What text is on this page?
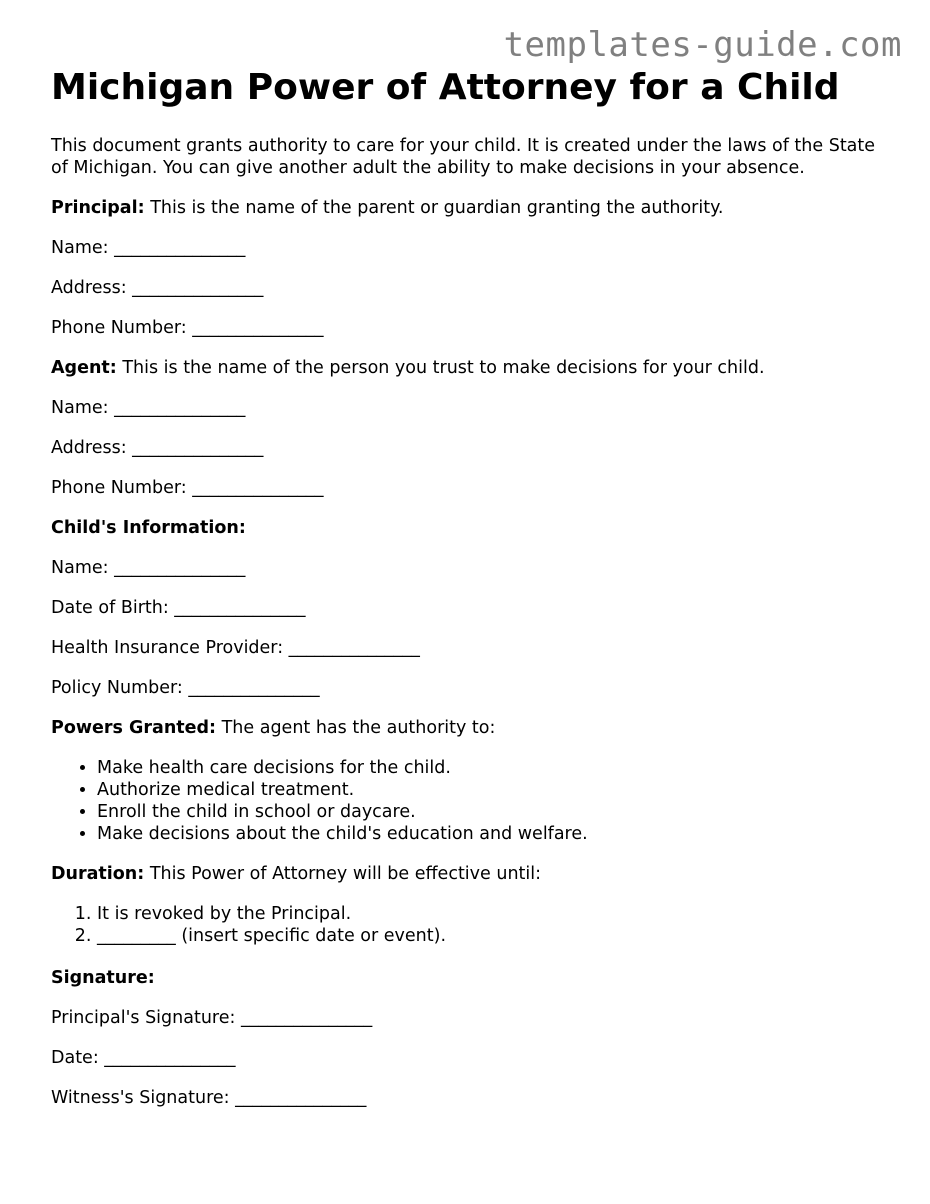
templates-guide.com
Michigan Power of Attorney for a Child

This document grants authority to care for your child. It is created under the laws of the State of Michigan. You can give another adult the ability to make decisions in your absence.

Principal: This is the name of the parent or guardian granting the authority.

Name: _______________

Address: _______________

Phone Number: _______________

Agent: This is the name of the person you trust to make decisions for your child.

Name: _______________

Address: _______________

Phone Number: _______________

Child's Information:

Name: _______________

Date of Birth: _______________

Health Insurance Provider: _______________

Policy Number: _______________

Powers Granted: The agent has the authority to:

• Make health care decisions for the child.
• Authorize medical treatment.
• Enroll the child in school or daycare.
• Make decisions about the child's education and welfare.

Duration: This Power of Attorney will be effective until:

1. It is revoked by the Principal.
2. _________ (insert specific date or event).

Signature:

Principal's Signature: _______________

Date: _______________

Witness's Signature: _______________
